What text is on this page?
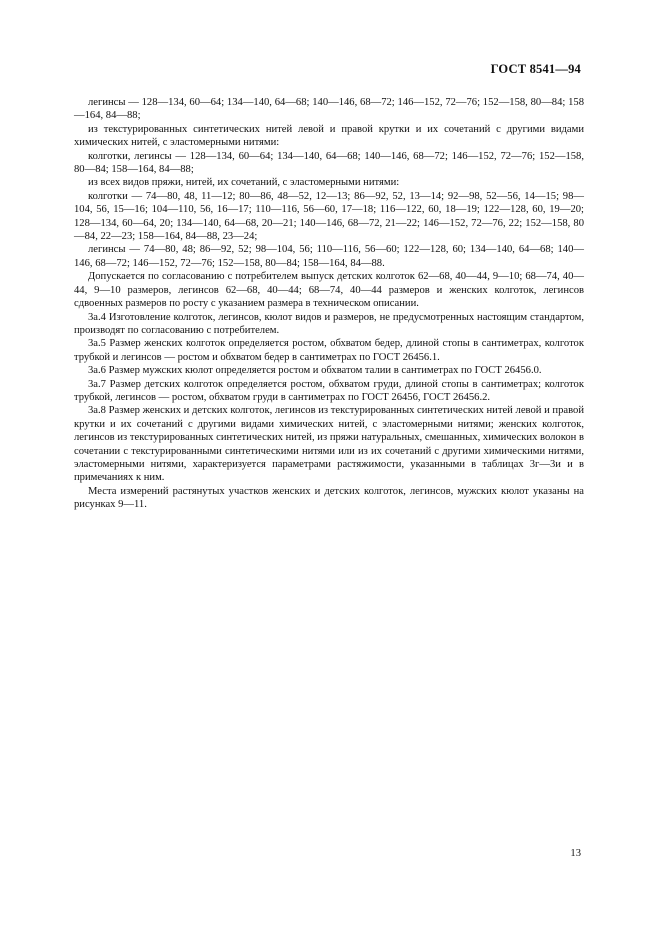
ГОСТ 8541—94

легинсы — 128—134, 60—64; 134—140, 64—68; 140—146, 68—72; 146—152, 72—76; 152—158, 80—84; 158—164, 84—88;

из текстурированных синтетических нитей левой и правой крутки и их сочетаний с другими видами химических нитей, с эластомерными нитями:

колготки, легинсы — 128—134, 60—64; 134—140, 64—68; 140—146, 68—72; 146—152, 72—76; 152—158, 80—84; 158—164, 84—88;

из всех видов пряжи, нитей, их сочетаний, с эластомерными нитями:

колготки — 74—80, 48, 11—12; 80—86, 48—52, 12—13; 86—92, 52, 13—14; 92—98, 52—56, 14—15; 98—104, 56, 15—16; 104—110, 56, 16—17; 110—116, 56—60, 17—18; 116—122, 60, 18—19; 122—128, 60, 19—20; 128—134, 60—64, 20; 134—140, 64—68, 20—21; 140—146, 68—72, 21—22; 146—152, 72—76, 22; 152—158, 80—84, 22—23; 158—164, 84—88, 23—24;

легинсы — 74—80, 48; 86—92, 52; 98—104, 56; 110—116, 56—60; 122—128, 60; 134—140, 64—68; 140—146, 68—72; 146—152, 72—76; 152—158, 80—84; 158—164, 84—88.

Допускается по согласованию с потребителем выпуск детских колготок 62—68, 40—44, 9—10; 68—74, 40—44, 9—10 размеров, легинсов 62—68, 40—44; 68—74, 40—44 размеров и женских колготок, легинсов сдвоенных размеров по росту с указанием размера в техническом описании.

3а.4 Изготовление колготок, легинсов, кюлот видов и размеров, не предусмотренных настоящим стандартом, производят по согласованию с потребителем.

3а.5 Размер женских колготок определяется ростом, обхватом бедер, длиной стопы в сантиметрах, колготок трубкой и легинсов — ростом и обхватом бедер в сантиметрах по ГОСТ 26456.1.

3а.6 Размер мужских кюлот определяется ростом и обхватом талии в сантиметрах по ГОСТ 26456.0.

3а.7 Размер детских колготок определяется ростом, обхватом груди, длиной стопы в сантиметрах; колготок трубкой, легинсов — ростом, обхватом груди в сантиметрах по ГОСТ 26456, ГОСТ 26456.2.

3а.8 Размер женских и детских колготок, легинсов из текстурированных синтетических нитей левой и правой крутки и их сочетаний с другими видами химических нитей, с эластомерными нитями; женских колготок, легинсов из текстурированных синтетических нитей, из пряжи натуральных, смешанных, химических волокон в сочетании с текстурированными синтетическими нитями или из их сочетаний с другими химическими нитями, эластомерными нитями, характеризуется параметрами растяжимости, указанными в таблицах 3г—3и и в примечаниях к ним.

Места измерений растянутых участков женских и детских колготок, легинсов, мужских кюлот указаны на рисунках 9—11.

13
